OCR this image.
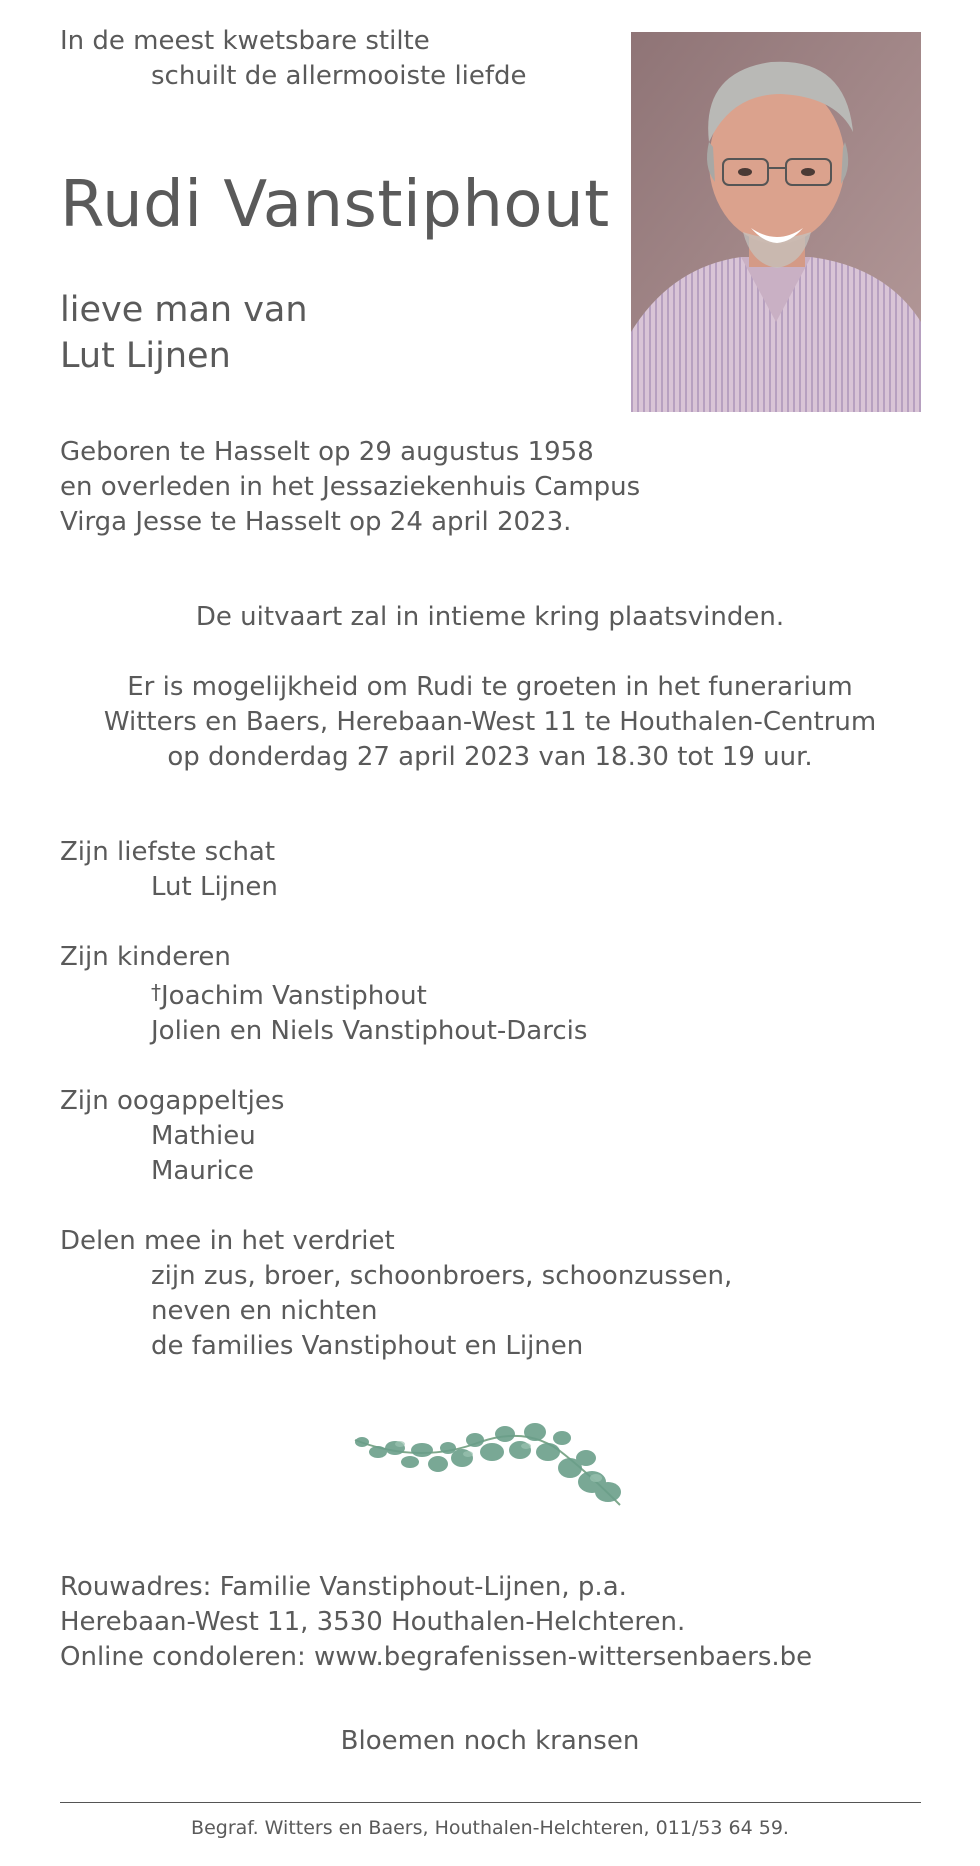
In de meest kwetsbare stilte
schuilt de allermooiste liefde
Rudi Vanstiphout
lieve man van
Lut Lijnen
Geboren te Hasselt op 29 augustus 1958
en overleden in het Jessaziekenhuis Campus
Virga Jesse te Hasselt op 24 april 2023.
De uitvaart zal in intieme kring plaatsvinden.
Er is mogelijkheid om Rudi te groeten in het funerarium
Witters en Baers, Herebaan-West 11 te Houthalen-Centrum
op donderdag 27 april 2023 van 18.30 tot 19 uur.
Zijn liefste schat
Lut Lijnen
Zijn kinderen
†Joachim Vanstiphout
Jolien en Niels Vanstiphout-Darcis
Zijn oogappeltjes
Mathieu
Maurice
Delen mee in het verdriet
zijn zus, broer, schoonbroers, schoonzussen,
neven en nichten
de families Vanstiphout en Lijnen
Rouwadres: Familie Vanstiphout-Lijnen, p.a.
Herebaan-West 11, 3530 Houthalen-Helchteren.
Online condoleren: www.begrafenissen-wittersenbaers.be
Bloemen noch kransen
Begraf. Witters en Baers, Houthalen-Helchteren, 011/53 64 59.
